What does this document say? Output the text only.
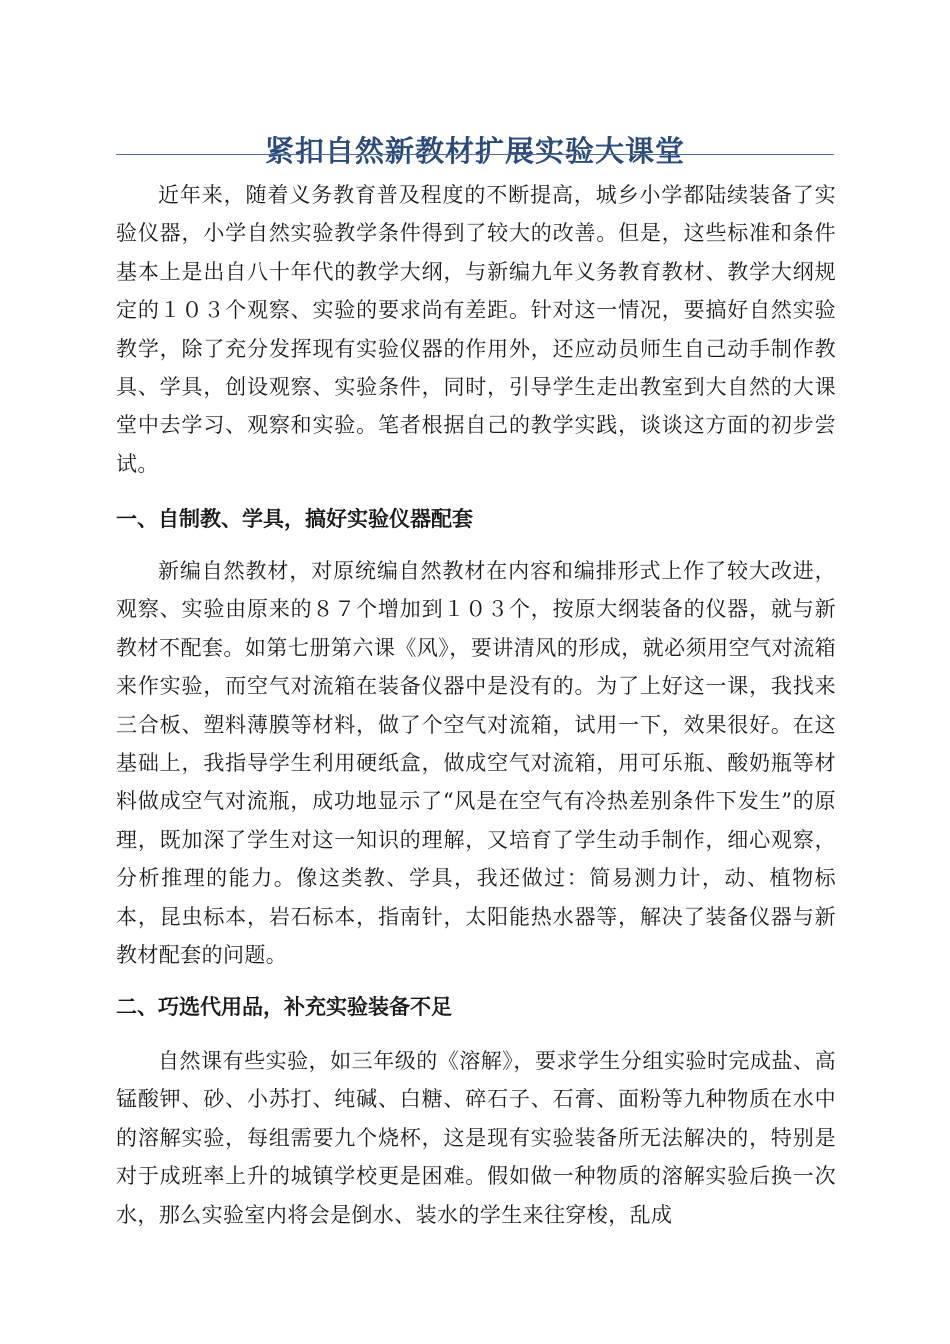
紧扣自然新教材扩展实验大课堂

近年来，随着义务教育普及程度的不断提高，城乡小学都陆续装备了实验仪器，小学自然实验教学条件得到了较大的改善。但是，这些标准和条件基本上是出自八十年代的教学大纲，与新编九年义务教育教材、教学大纲规定的１０３个观察、实验的要求尚有差距。针对这一情况，要搞好自然实验教学，除了充分发挥现有实验仪器的作用外，还应动员师生自己动手制作教具、学具，创设观察、实验条件，同时，引导学生走出教室到大自然的大课堂中去学习、观察和实验。笔者根据自己的教学实践，谈谈这方面的初步尝试。

一、自制教、学具，搞好实验仪器配套

新编自然教材，对原统编自然教材在内容和编排形式上作了较大改进，观察、实验由原来的８７个增加到１０３个，按原大纲装备的仪器，就与新教材不配套。如第七册第六课《风》，要讲清风的形成，就必须用空气对流箱来作实验，而空气对流箱在装备仪器中是没有的。为了上好这一课，我找来三合板、塑料薄膜等材料，做了个空气对流箱，试用一下，效果很好。在这基础上，我指导学生利用硬纸盒，做成空气对流箱，用可乐瓶、酸奶瓶等材料做成空气对流瓶，成功地显示了“风是在空气有冷热差别条件下发生”的原理，既加深了学生对这一知识的理解，又培育了学生动手制作，细心观察，分析推理的能力。像这类教、学具，我还做过：简易测力计，动、植物标本，昆虫标本，岩石标本，指南针，太阳能热水器等，解决了装备仪器与新教材配套的问题。

二、巧选代用品，补充实验装备不足

自然课有些实验，如三年级的《溶解》，要求学生分组实验时完成盐、高锰酸钾、砂、小苏打、纯碱、白糖、碎石子、石膏、面粉等九种物质在水中的溶解实验，每组需要九个烧杯，这是现有实验装备所无法解决的，特别是对于成班率上升的城镇学校更是困难。假如做一种物质的溶解实验后换一次水，那么实验室内将会是倒水、装水的学生来往穿梭，乱成
